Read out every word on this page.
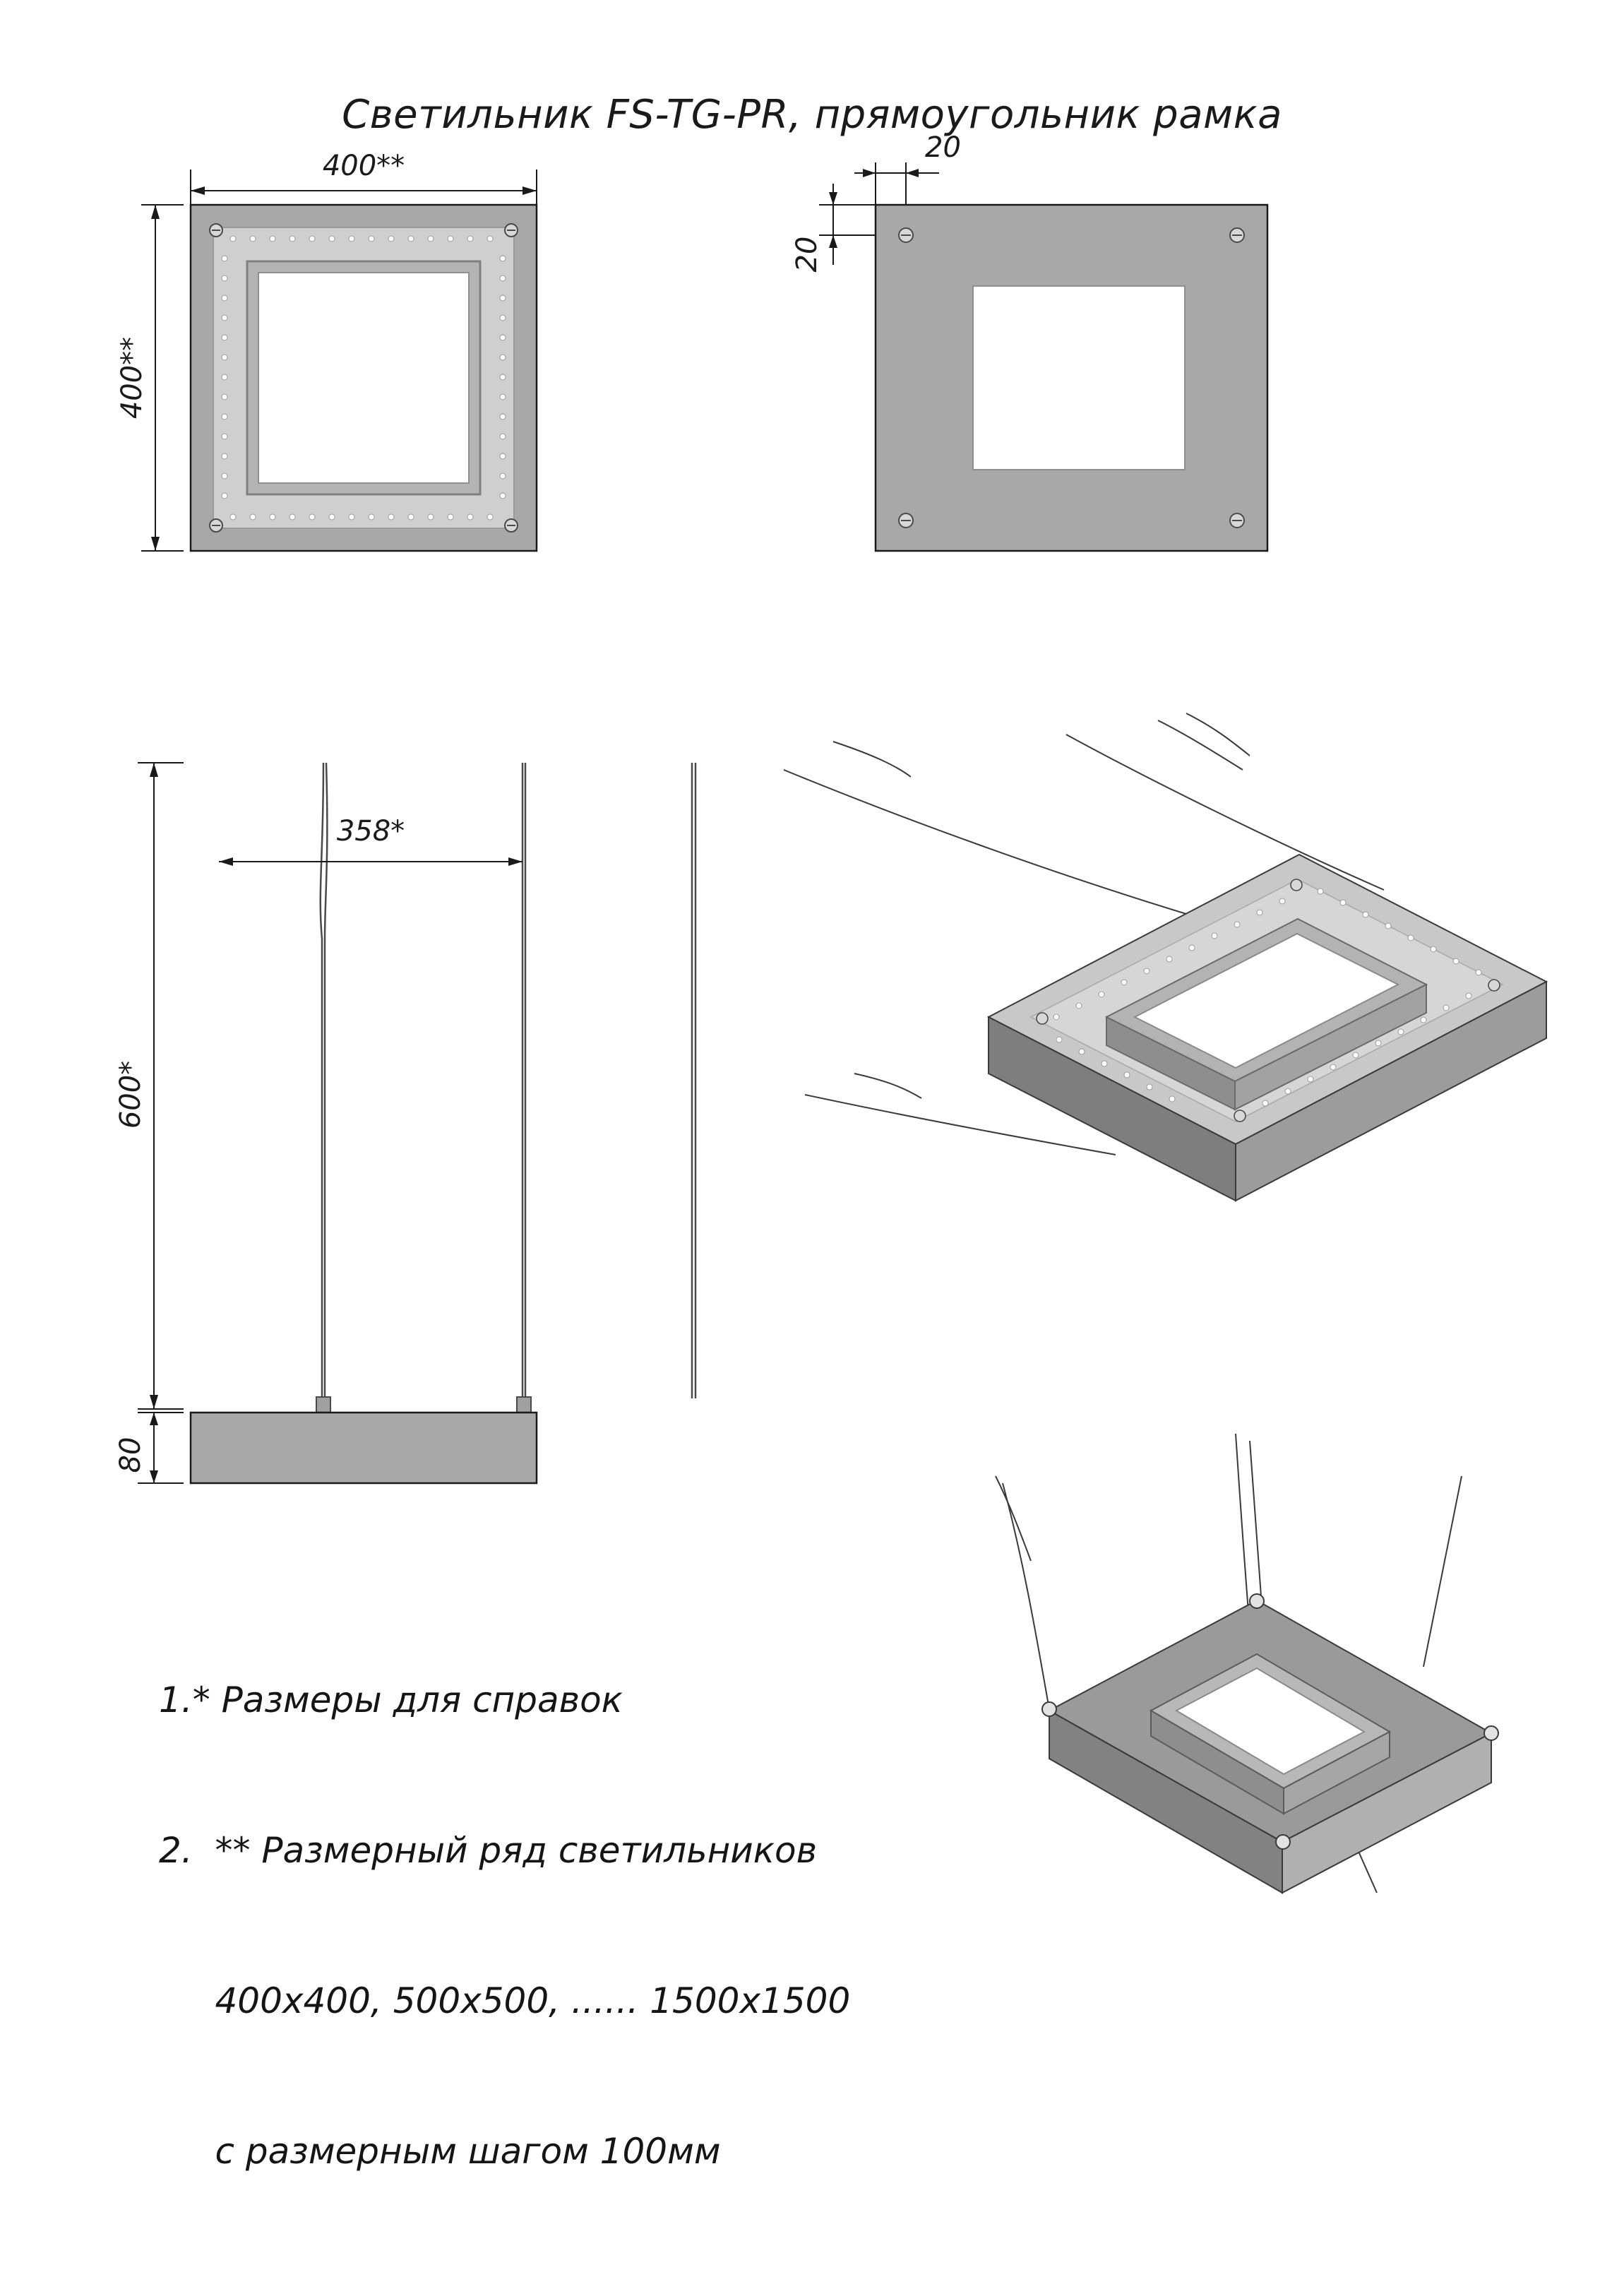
Светильник FS-TG-PR, прямоугольник рамка
400**
400**
20
20
358*
600*
80

1.* Размеры для справок

2.  ** Размерный ряд светильников

400х400, 500х500, ...... 1500х1500

с размерным шагом 100мм
